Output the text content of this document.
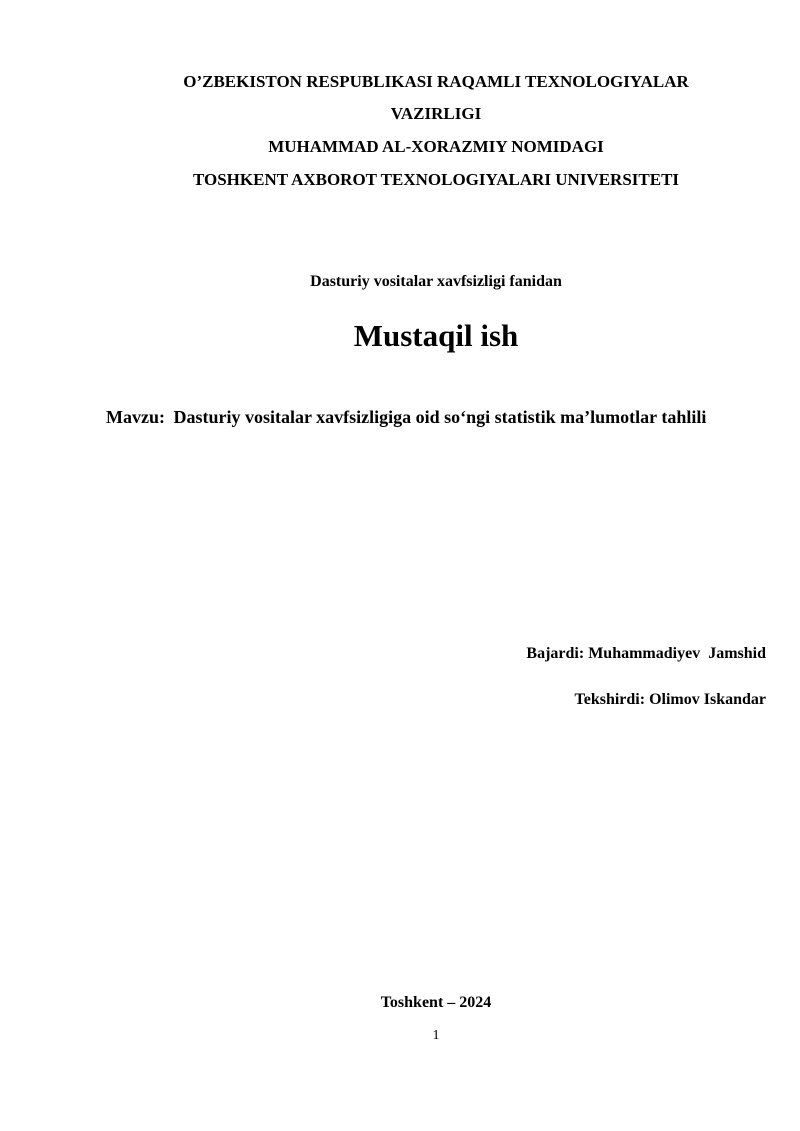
O’ZBEKISTON RESPUBLIKASI RAQAMLI TEXNOLOGIYALAR
VAZIRLIGI
MUHAMMAD AL-XORAZMIY NOMIDAGI
TOSHKENT AXBOROT TEXNOLOGIYALARI UNIVERSITETI
Dasturiy vositalar xavfsizligi fanidan
Mustaqil ish
Mavzu: Dasturiy vositalar xavfsizligiga oid so‘ngi statistik ma’lumotlar tahlili
Bajardi: Muhammadiyev  Jamshid
Tekshirdi: Olimov Iskandar
Toshkent – 2024
1
